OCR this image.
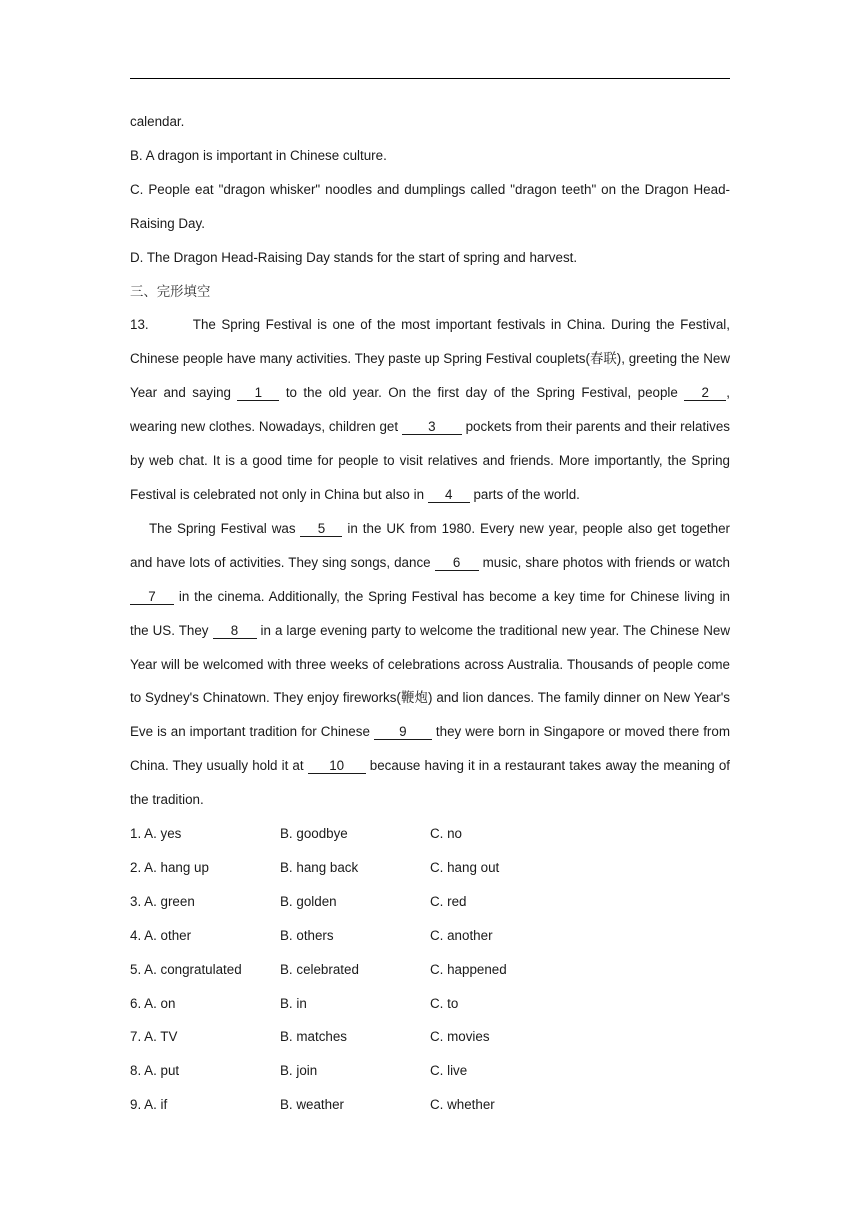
calendar.

B. A dragon is important in Chinese culture.

C. People eat "dragon whisker" noodles and dumplings called "dragon teeth" on the Dragon Head-Raising Day.

D. The Dragon Head-Raising Day stands for the start of spring and harvest.

三、完形填空

13.	The Spring Festival is one of the most important festivals in China. During the Festival, Chinese people have many activities. They paste up Spring Festival couplets(春联), greeting the New Year and saying 1 to the old year. On the first day of the Spring Festival, people 2 , wearing new clothes. Nowadays, children get 3 pockets from their parents and their relatives by web chat. It is a good time for people to visit relatives and friends. More importantly, the Spring Festival is celebrated not only in China but also in 4 parts of the world.

The Spring Festival was 5 in the UK from 1980. Every new year, people also get together and have lots of activities. They sing songs, dance 6 music, share photos with friends or watch 7 in the cinema. Additionally, the Spring Festival has become a key time for Chinese living in the US. They 8 in a large evening party to welcome the traditional new year. The Chinese New Year will be welcomed with three weeks of celebrations across Australia. Thousands of people come to Sydney's Chinatown. They enjoy fireworks(鞭炮) and lion dances. The family dinner on New Year's Eve is an important tradition for Chinese 9 they were born in Singapore or moved there from China. They usually hold it at 10 because having it in a restaurant takes away the meaning of the tradition.

1. A. yes	B. goodbye	C. no
2. A. hang up	B. hang back	C. hang out
3. A. green	B. golden	C. red
4. A. other	B. others	C. another
5. A. congratulated	B. celebrated	C. happened
6. A. on	B. in	C. to
7. A. TV	B. matches	C. movies
8. A. put	B. join	C. live
9. A. if	B. weather	C. whether
